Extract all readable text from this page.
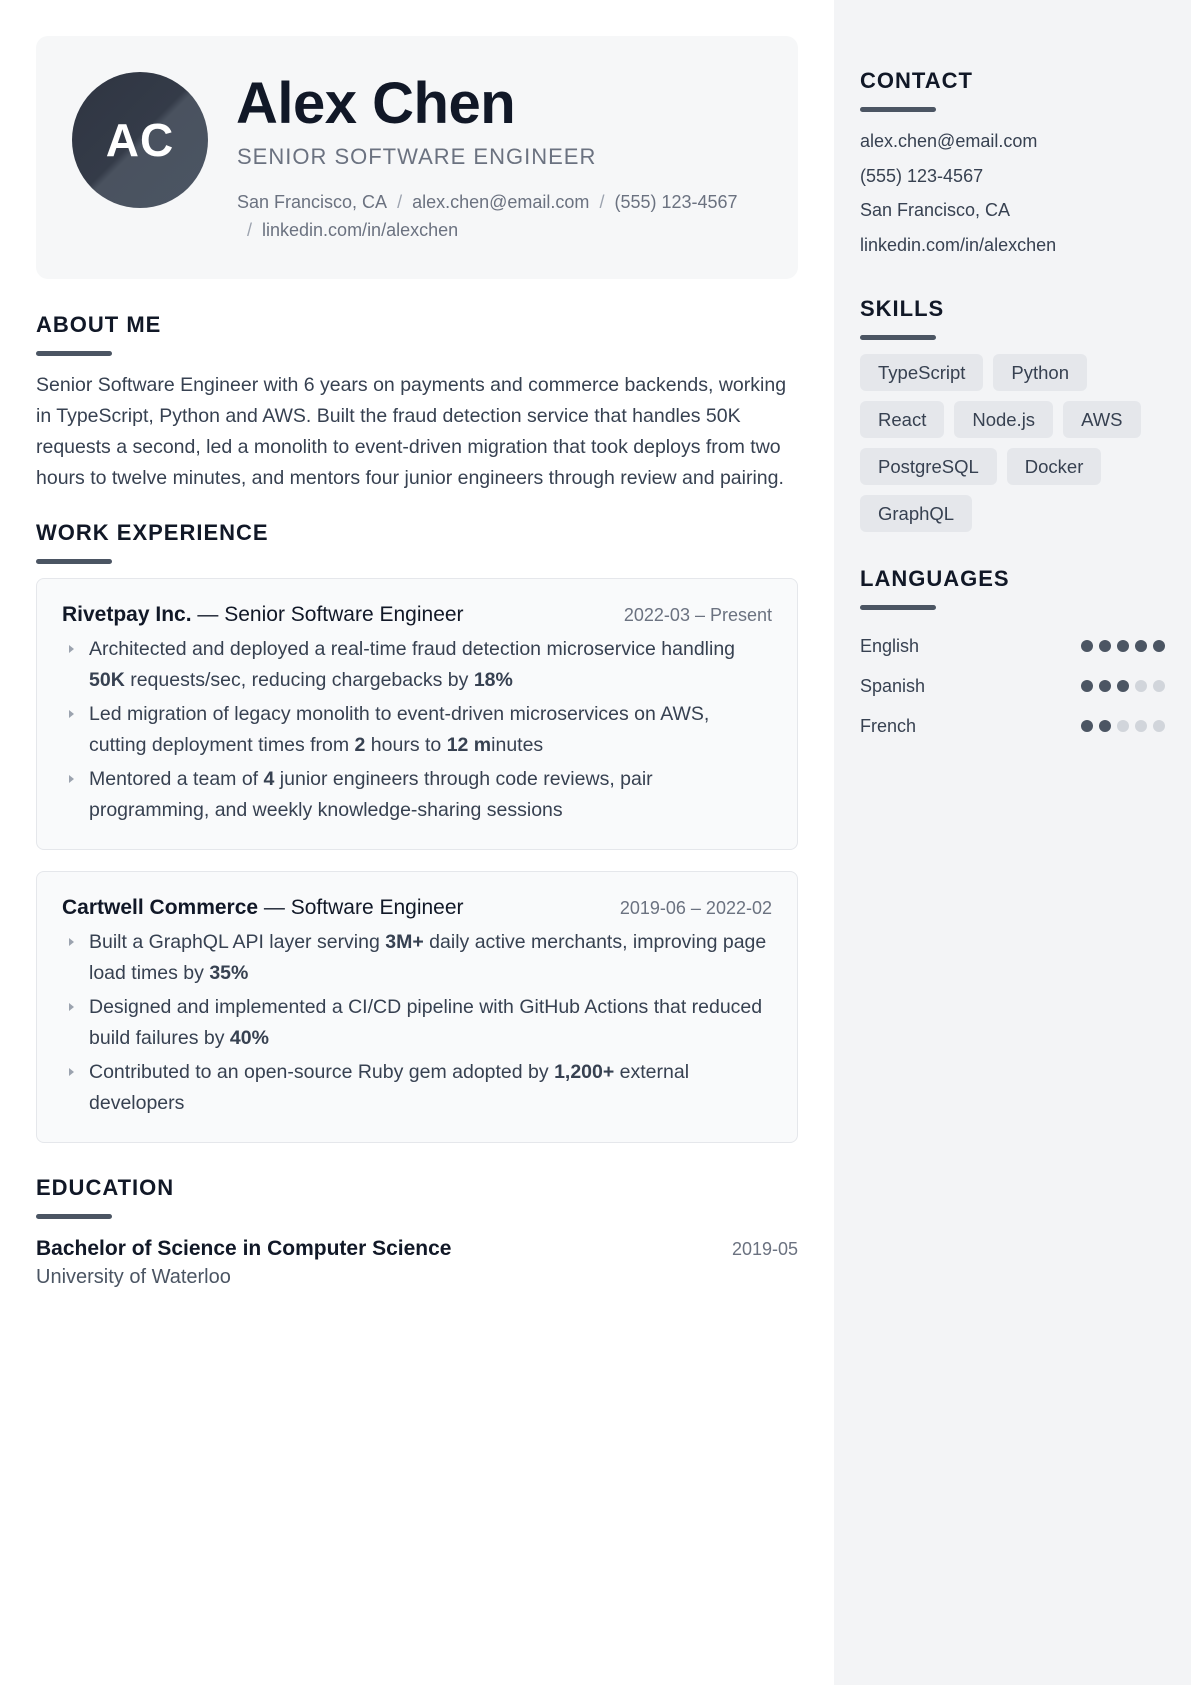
AC
Alex Chen
SENIOR SOFTWARE ENGINEER
San Francisco, CA / alex.chen@email.com / (555) 123-4567
/ linkedin.com/in/alexchen
ABOUT ME

Senior Software Engineer with 6 years on payments and commerce backends, working in TypeScript, Python and AWS. Built the fraud detection service that handles 50K requests a second, led a monolith to event-driven migration that took deploys from two hours to twelve minutes, and mentors four junior engineers through review and pairing.

WORK EXPERIENCE
Rivetpay Inc. — Senior Software Engineer	2022-03 – Present
Architected and deployed a real-time fraud detection microservice handling 50K requests/sec, reducing chargebacks by 18%
Led migration of legacy monolith to event-driven microservices on AWS, cutting deployment times from 2 hours to 12 minutes
Mentored a team of 4 junior engineers through code reviews, pair programming, and weekly knowledge-sharing sessions
Cartwell Commerce — Software Engineer	2019-06 – 2022-02
Built a GraphQL API layer serving 3M+ daily active merchants, improving page load times by 35%
Designed and implemented a CI/CD pipeline with GitHub Actions that reduced build failures by 40%
Contributed to an open-source Ruby gem adopted by 1,200+ external developers
EDUCATION
Bachelor of Science in Computer Science	2019-05
University of Waterloo
CONTACT
alex.chen@email.com
(555) 123-4567
San Francisco, CA
linkedin.com/in/alexchen
SKILLS
TypeScript	Python
React	Node.js	AWS
PostgreSQL	Docker
GraphQL
LANGUAGES
English
Spanish
French
